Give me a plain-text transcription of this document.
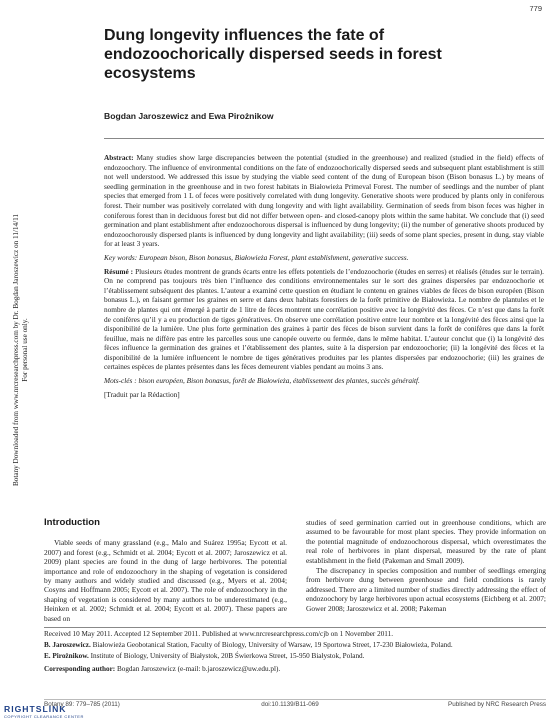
779
Botany Downloaded from www.nrcresearchpress.com by Dr. Bogdan Jaroszewicz on 11/14/11 For personal use only.
Dung longevity influences the fate of endozoochorically dispersed seeds in forest ecosystems
Bogdan Jaroszewicz and Ewa Pirożnikow

Abstract: Many studies show large discrepancies between the potential (studied in the greenhouse) and realized (studied in the field) effects of endozoochory. The influence of environmental conditions on the fate of endozoochorically dispersed seeds and subsequent plant establishment is still not well understood. We addressed this issue by studying the viable seed content of the dung of European bison (Bison bonasus L.) by means of seedling germination in the greenhouse and in two forest habitats in Białowieża Primeval Forest. The number of seedlings and the number of plant species that emerged from 1 L of feces were positively correlated with dung longevity. Generative shoots were produced by plants only in coniferous forest. Their number was positively correlated with dung longevity and with light availability. Germination of seeds from bison feces was higher in coniferous forest than in deciduous forest but did not differ between open- and closed-canopy plots within the same habitat. We conclude that (i) seed germination and plant establishment after endozoochorous dispersal is influenced by dung longevity; (ii) the number of generative shoots produced by endozoochorously dispersed plants is influenced by dung longevity and light availability; (iii) seeds of some plant species, present in dung, stay viable for at least 3 years.

Key words: European bison, Bison bonasus, Białowieża Forest, plant establishment, generative success.

Résumé : Plusieurs études montrent de grands écarts entre les effets potentiels de l’endozoochorie (études en serres) et réalisés (études sur le terrain). On ne comprend pas toujours très bien l’influence des conditions environnementales sur le sort des graines dispersées par endozoochorie et l’établissement subséquent des plantes. L’auteur a examiné cette question en étudiant le contenu en graines viables de fèces de bison européen (Bison bonasus L.), en faisant germer les graines en serre et dans deux habitats forestiers de la forêt primitive de Białowieża. Le nombre de plantules et le nombre de plantes qui ont émergé à partir de 1 litre de fèces montrent une corrélation positive avec la longévité des fèces. Ce n’est que dans la forêt de conifères qu’il y a eu production de tiges génératives. On observe une corrélation positive entre leur nombre et la longévité des fèces ainsi que la disponibilité de la lumière. Une plus forte germination des graines à partir des fèces de bison survient dans la forêt de conifères que dans la forêt feuillue, mais ne diffère pas entre les parcelles sous une canopée ouverte ou fermée, dans le même habitat. L’auteur conclut que (i) la longévité des fèces influence la germination des graines et l’établissement des plantes, suite à la dispersion par endozoochorie; (ii) la longévité des fèces et la disponibilité de la lumière influencent le nombre de tiges génératives produites par les plantes dispersées par endozoochorie; (iii) les graines de certaines espèces de plantes présentes dans les fèces demeurent viables pendant au moins 3 ans.

Mots-clés : bison européen, Bison bonasus, forêt de Białowieża, établissement des plantes, succès généraitf.

[Traduit par la Rédaction]

Introduction

Viable seeds of many grassland (e.g., Malo and Suárez 1995a; Eycott et al. 2007) and forest (e.g., Schmidt et al. 2004; Eycott et al. 2007; Jaroszewicz et al. 2009) plant species are found in the dung of large herbivores. The potential importance and role of endozoochory in the shaping of vegetation is considered by many authors and widely studied and discussed (e.g., Myers et al. 2004; Cosyns and Hoffmann 2005; Eycott et al. 2007). The role of endozoochory in the shaping of vegetation is considered by many authors to be underestimated (e.g., Heinken et al. 2002; Schmidt et al. 2004; Eycott et al. 2007). These papers are based on

studies of seed germination carried out in greenhouse conditions, which are assumed to be favourable for most plant species. They provide information on the potential magnitude of endozoochorous dispersal, which overestimates the real role of herbivores in plant dispersal, measured by the rate of plant establishment in the field (Pakeman and Small 2009).

The discrepancy in species composition and number of seedlings emerging from herbivore dung between greenhouse and field conditions is rarely addressed. There are a limited number of studies directly addressing the effect of endozoochory by large herbivores upon actual ecosystems (Eichberg et al. 2007; Gower 2008; Jaroszewicz et al. 2008; Pakeman

Received 10 May 2011. Accepted 12 September 2011. Published at www.nrcresearchpress.com/cjb on 1 November 2011.

B. Jaroszewicz. Białowieża Geobotanical Station, Faculty of Biology, University of Warsaw, 19 Sportowa Street, 17-230 Białowieża, Poland.

E. Pirożnikow. Institute of Biology, University of Białystok, 20B Świerkowa Street, 15-950 Białystok, Poland.

Corresponding author: Bogdan Jaroszewicz (e-mail: b.jaroszewicz@uw.edu.pl).

Botany 89: 779–785 (2011)	doi:10.1139/B11-069	Published by NRC Research Press
RIGHTSLINK
COPYRIGHT CLEARANCE CENTER
